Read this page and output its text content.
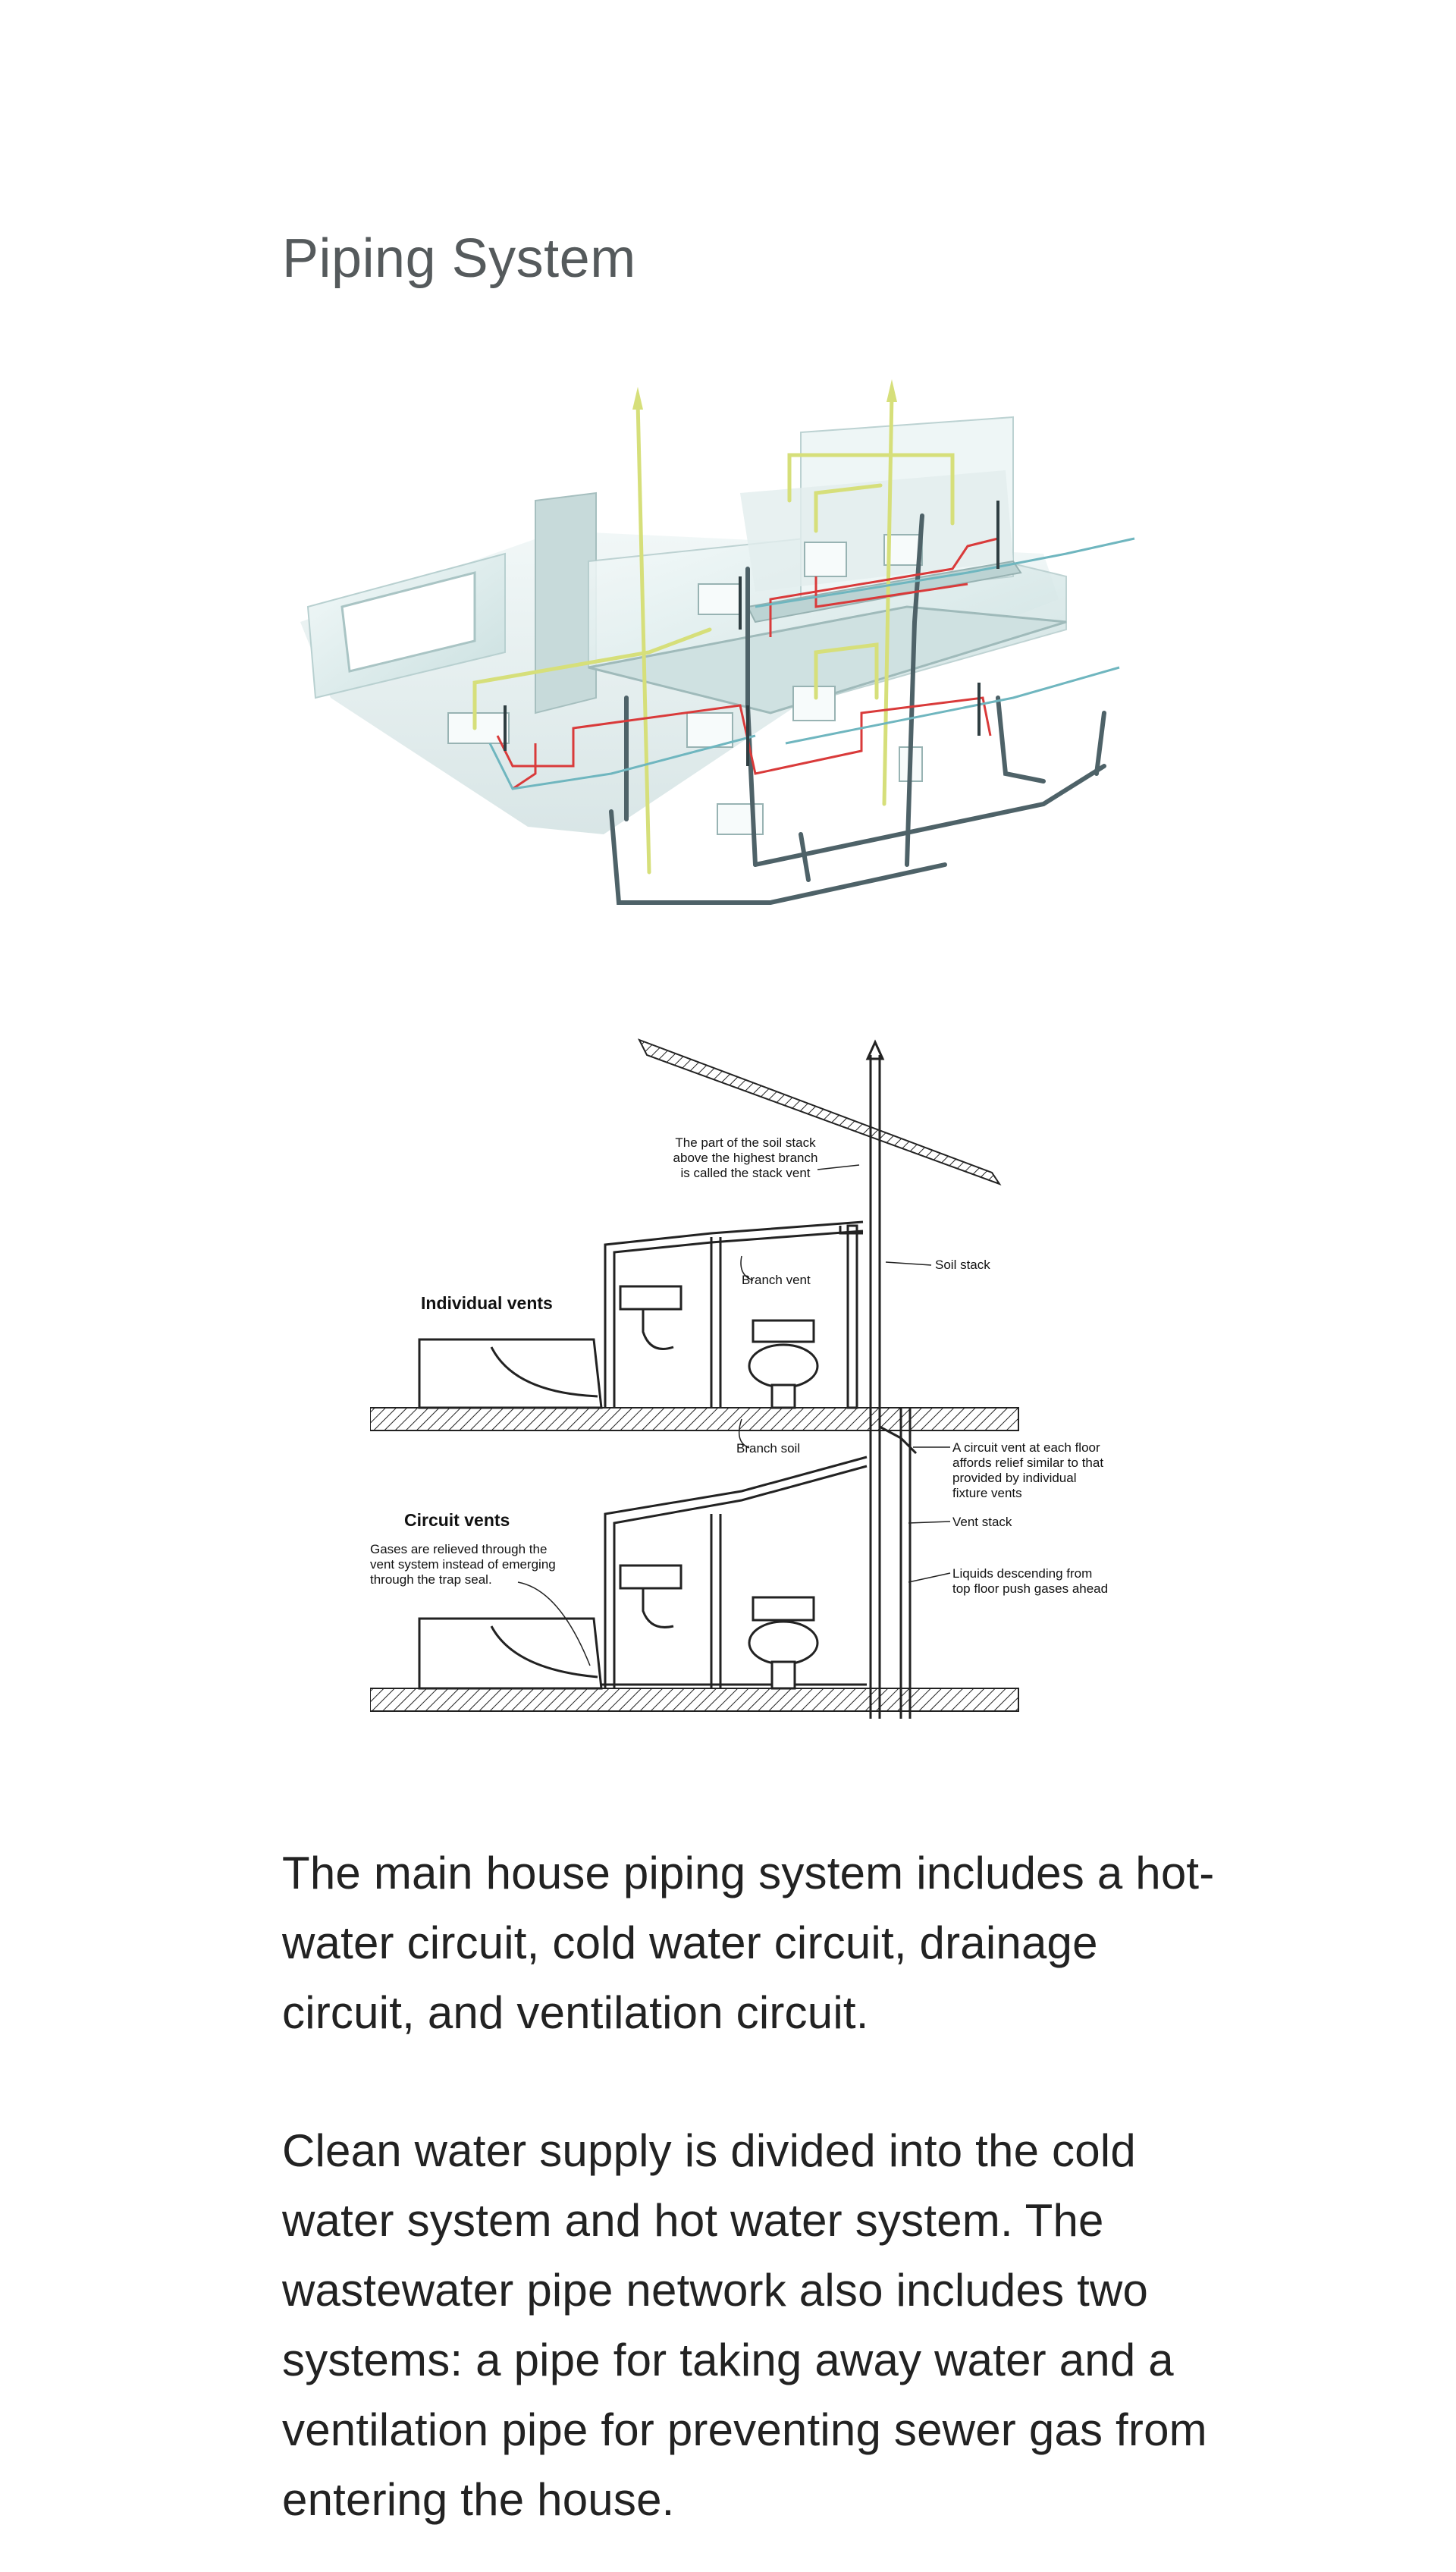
Piping System
The part of the soil stack
above the highest branch
is called the stack vent
Branch vent
Soil stack
Individual vents
Branch soil	A circuit vent at each floor
affords relief similar to that
provided by individual
fixture vents
Circuit vents
Gases are relieved through the
vent system instead of emerging
through the trap seal.
Vent stack
Liquids descending from
top floor push gases ahead

The main house piping system includes a hot-water circuit, cold water circuit, drainage circuit, and ventilation circuit.

Clean water supply is divided into the cold water system and hot water system. The wastewater pipe network also includes two systems: a pipe for taking away water and a ventilation pipe for preventing sewer gas from entering the house.
